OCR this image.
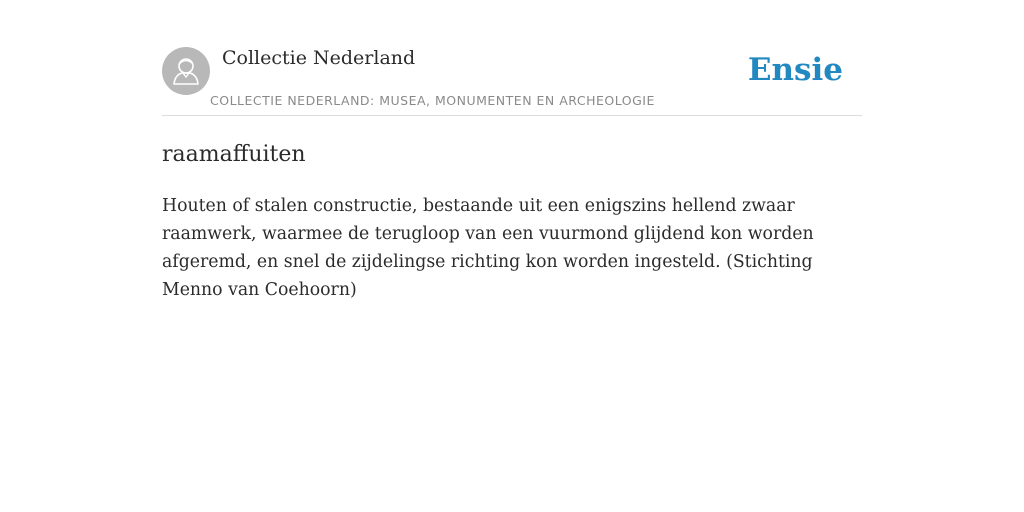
Collectie Nederland
COLLECTIE NEDERLAND: MUSEA, MONUMENTEN EN ARCHEOLOGIE
Ensie
raamaffuiten

Houten of stalen constructie, bestaande uit een enigszins hellend zwaar raamwerk, waarmee de terugloop van een vuurmond glijdend kon worden afgeremd, en snel de zijdelingse richting kon worden ingesteld. (Stichting Menno van Coehoorn)
